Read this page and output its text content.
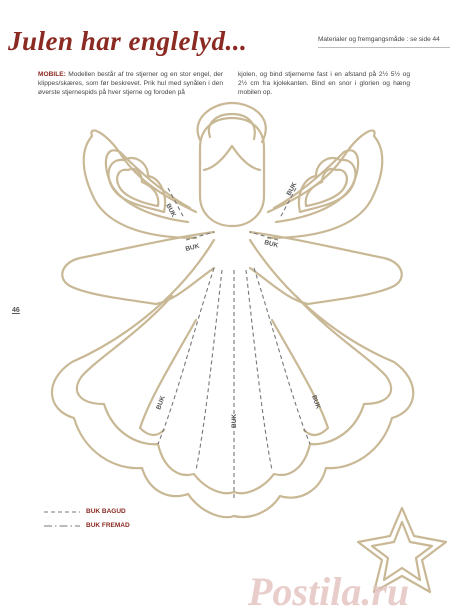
Julen har englelyd...	Materialer og fremgangsmåde : se side 44
MOBILE: Modellen består af tre stjerner og en stor engel, der klippes/skæres, som før beskrevet. Prik hul med synålen i den øverste stjernespids på hver stjerne og foroden på
kjolen, og bind stjernerne fast i en afstand på 2½ 5½ og 2½ cm fra kjolekanten. Bind en snor i glorien og hæng mobilen op.
46
BUK
BUK
BUK	BUK
BUK
BUK
BUK
BUK BAGUD
BUK FREMAD
Postila.ru
